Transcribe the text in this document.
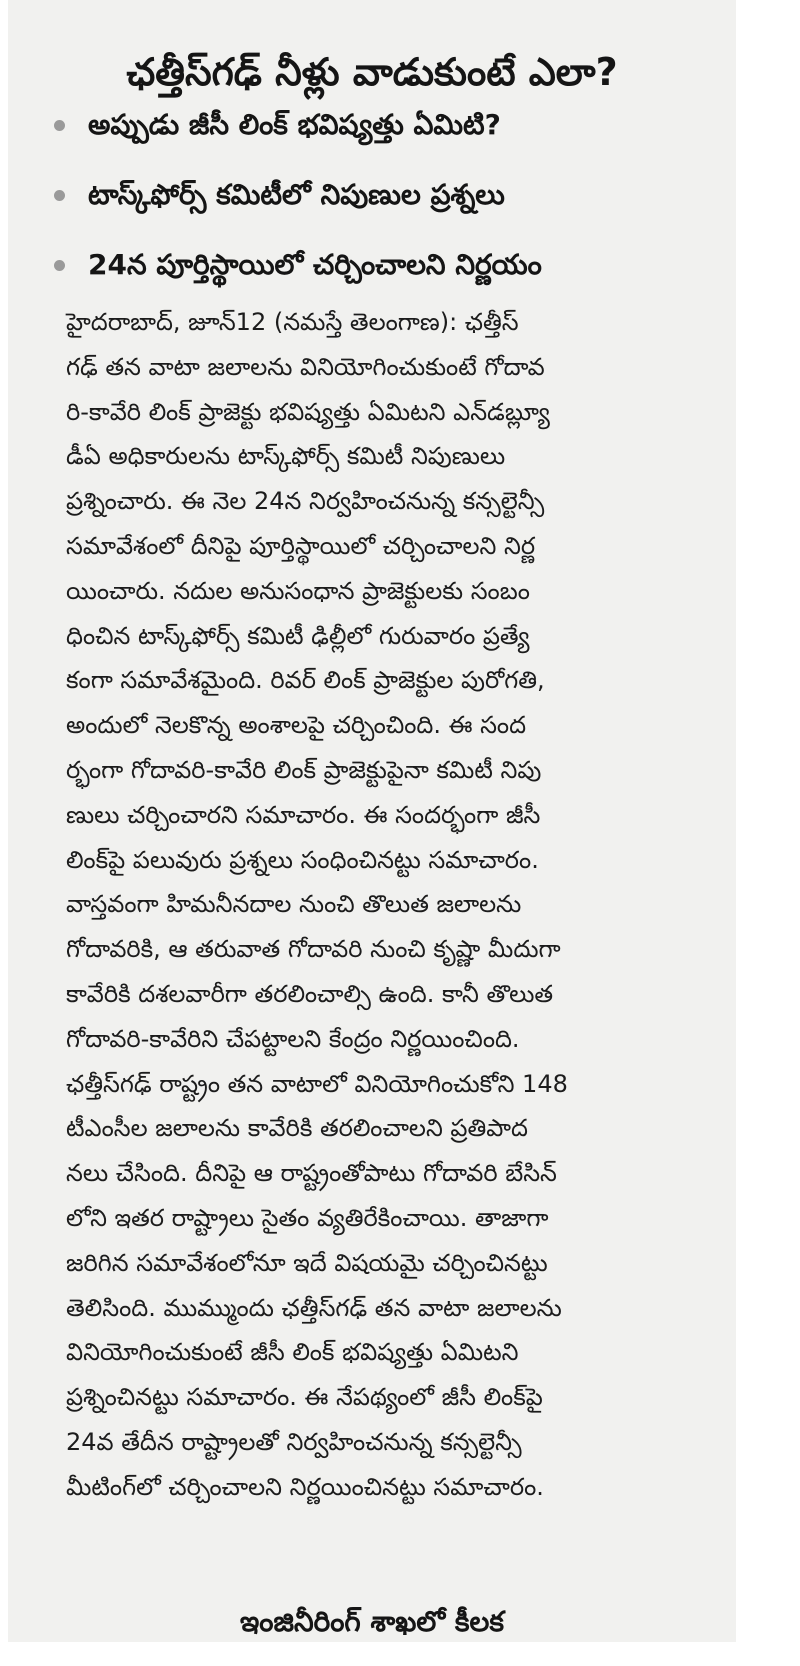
ఛత్తీస్‌గఢ్ నీళ్లు వాడుకుంటే ఎలా?
అప్పుడు జీసీ లింక్ భవిష్యత్తు ఏమిటి?
టాస్క్‌ఫోర్స్ కమిటీలో నిపుణుల ప్రశ్నలు
24న పూర్తిస్థాయిలో చర్చించాలని నిర్ణయం
హైదరాబాద్, జూన్12 (నమస్తే తెలంగాణ): ఛత్తీస్
గఢ్ తన వాటా జలాలను వినియోగించుకుంటే గోదావ
రి-కావేరి లింక్ ప్రాజెక్టు భవిష్యత్తు ఏమిటని ఎన్‌డబ్ల్యూ
డీఏ అధికారులను టాస్క్‌ఫోర్స్ కమిటీ నిపుణులు
ప్రశ్నించారు. ఈ నెల 24న నిర్వహించనున్న కన్సల్టెన్సీ
సమావేశంలో దీనిపై పూర్తిస్థాయిలో చర్చించాలని నిర్ణ
యించారు. నదుల అనుసంధాన ప్రాజెక్టులకు సంబం
ధించిన టాస్క్‌ఫోర్స్ కమిటీ ఢిల్లీలో గురువారం ప్రత్యే
కంగా సమావేశమైంది. రివర్ లింక్ ప్రాజెక్టుల పురోగతి,
అందులో నెలకొన్న అంశాలపై చర్చించింది. ఈ సంద
ర్భంగా గోదావరి-కావేరి లింక్ ప్రాజెక్టుపైనా కమిటీ నిపు
ణులు చర్చించారని సమాచారం. ఈ సందర్భంగా జీసీ
లింక్‌పై పలువురు ప్రశ్నలు సంధించినట్టు సమాచారం.
వాస్తవంగా హిమనీనదాల నుంచి తొలుత జలాలను
గోదావరికి, ఆ తరువాత గోదావరి నుంచి కృష్ణా మీదుగా
కావేరికి దశలవారీగా తరలించాల్సి ఉంది. కానీ తొలుత
గోదావరి-కావేరిని చేపట్టాలని కేంద్రం నిర్ణయించింది.
ఛత్తీస్‌గఢ్ రాష్ట్రం తన వాటాలో వినియోగించుకోని 148
టీఎంసీల జలాలను కావేరికి తరలించాలని ప్రతిపాద
నలు చేసింది. దీనిపై ఆ రాష్ట్రంతోపాటు గోదావరి బేసిన్
లోని ఇతర రాష్ట్రాలు సైతం వ్యతిరేకించాయి. తాజాగా
జరిగిన సమావేశంలోనూ ఇదే విషయమై చర్చించినట్టు
తెలిసింది. ముమ్ముందు ఛత్తీస్‌గఢ్ తన వాటా జలాలను
వినియోగించుకుంటే జీసీ లింక్ భవిష్యత్తు ఏమిటని
ప్రశ్నించినట్టు సమాచారం. ఈ నేపథ్యంలో జీసీ లింక్‌పై
24వ తేదీన రాష్ట్రాలతో నిర్వహించనున్న కన్సల్టెన్సీ
మీటింగ్‌లో చర్చించాలని నిర్ణయించినట్టు సమాచారం.
ఇంజినీరింగ్ శాఖలో కీలక
